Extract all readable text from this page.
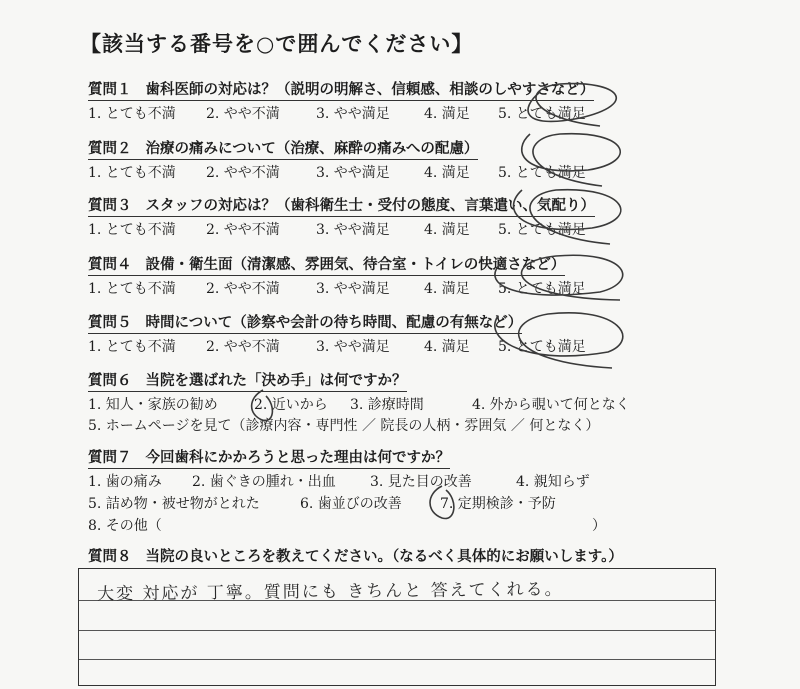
【該当する番号を○で囲んでください】
質問１ 歯科医師の対応は？（説明の明解さ、信頼感、相談のしやすさなど）
1. とても不満 2. やや不満	3. やや満足 4. 満足 5. とても満足
質問２ 治療の痛みについて（治療、麻酔の痛みへの配慮）
1. とても不満 2. やや不満	3. やや満足 4. 満足 5. とても満足
質問３ スタッフの対応は？（歯科衛生士・受付の態度、言葉遣い、気配り）
1. とても不満 2. やや不満	3. やや満足 4. 満足 5. とても満足
質問４ 設備・衛生面（清潔感、雰囲気、待合室・トイレの快適さなど）
1. とても不満 2. やや不満	3. やや満足 4. 満足 5. とても満足
質問５ 時間について（診察や会計の待ち時間、配慮の有無など）
1. とても不満 2. やや不満	3. やや満足 4. 満足 5. とても満足
質問６ 当院を選ばれた「決め手」は何ですか？
1. 知人・家族の勧め	2. 近いから 3. 診療時間	4. 外から覗いて何となく
5. ホームページを見て（診療内容・専門性 ／ 院長の人柄・雰囲気 ／ 何となく）
質問７ 今回歯科にかかろうと思った理由は何ですか？
1. 歯の痛み 2. 歯ぐきの腫れ・出血 3. 見た目の改善	4. 親知らず
5. 詰め物・被せ物がとれた	6. 歯並びの改善	7. 定期検診・予防
8. その他（	）
質問８ 当院の良いところを教えてください。（なるべく具体的にお願いします。）
大変 対応が 丁寧。質問にも きちんと 答えてくれる。
